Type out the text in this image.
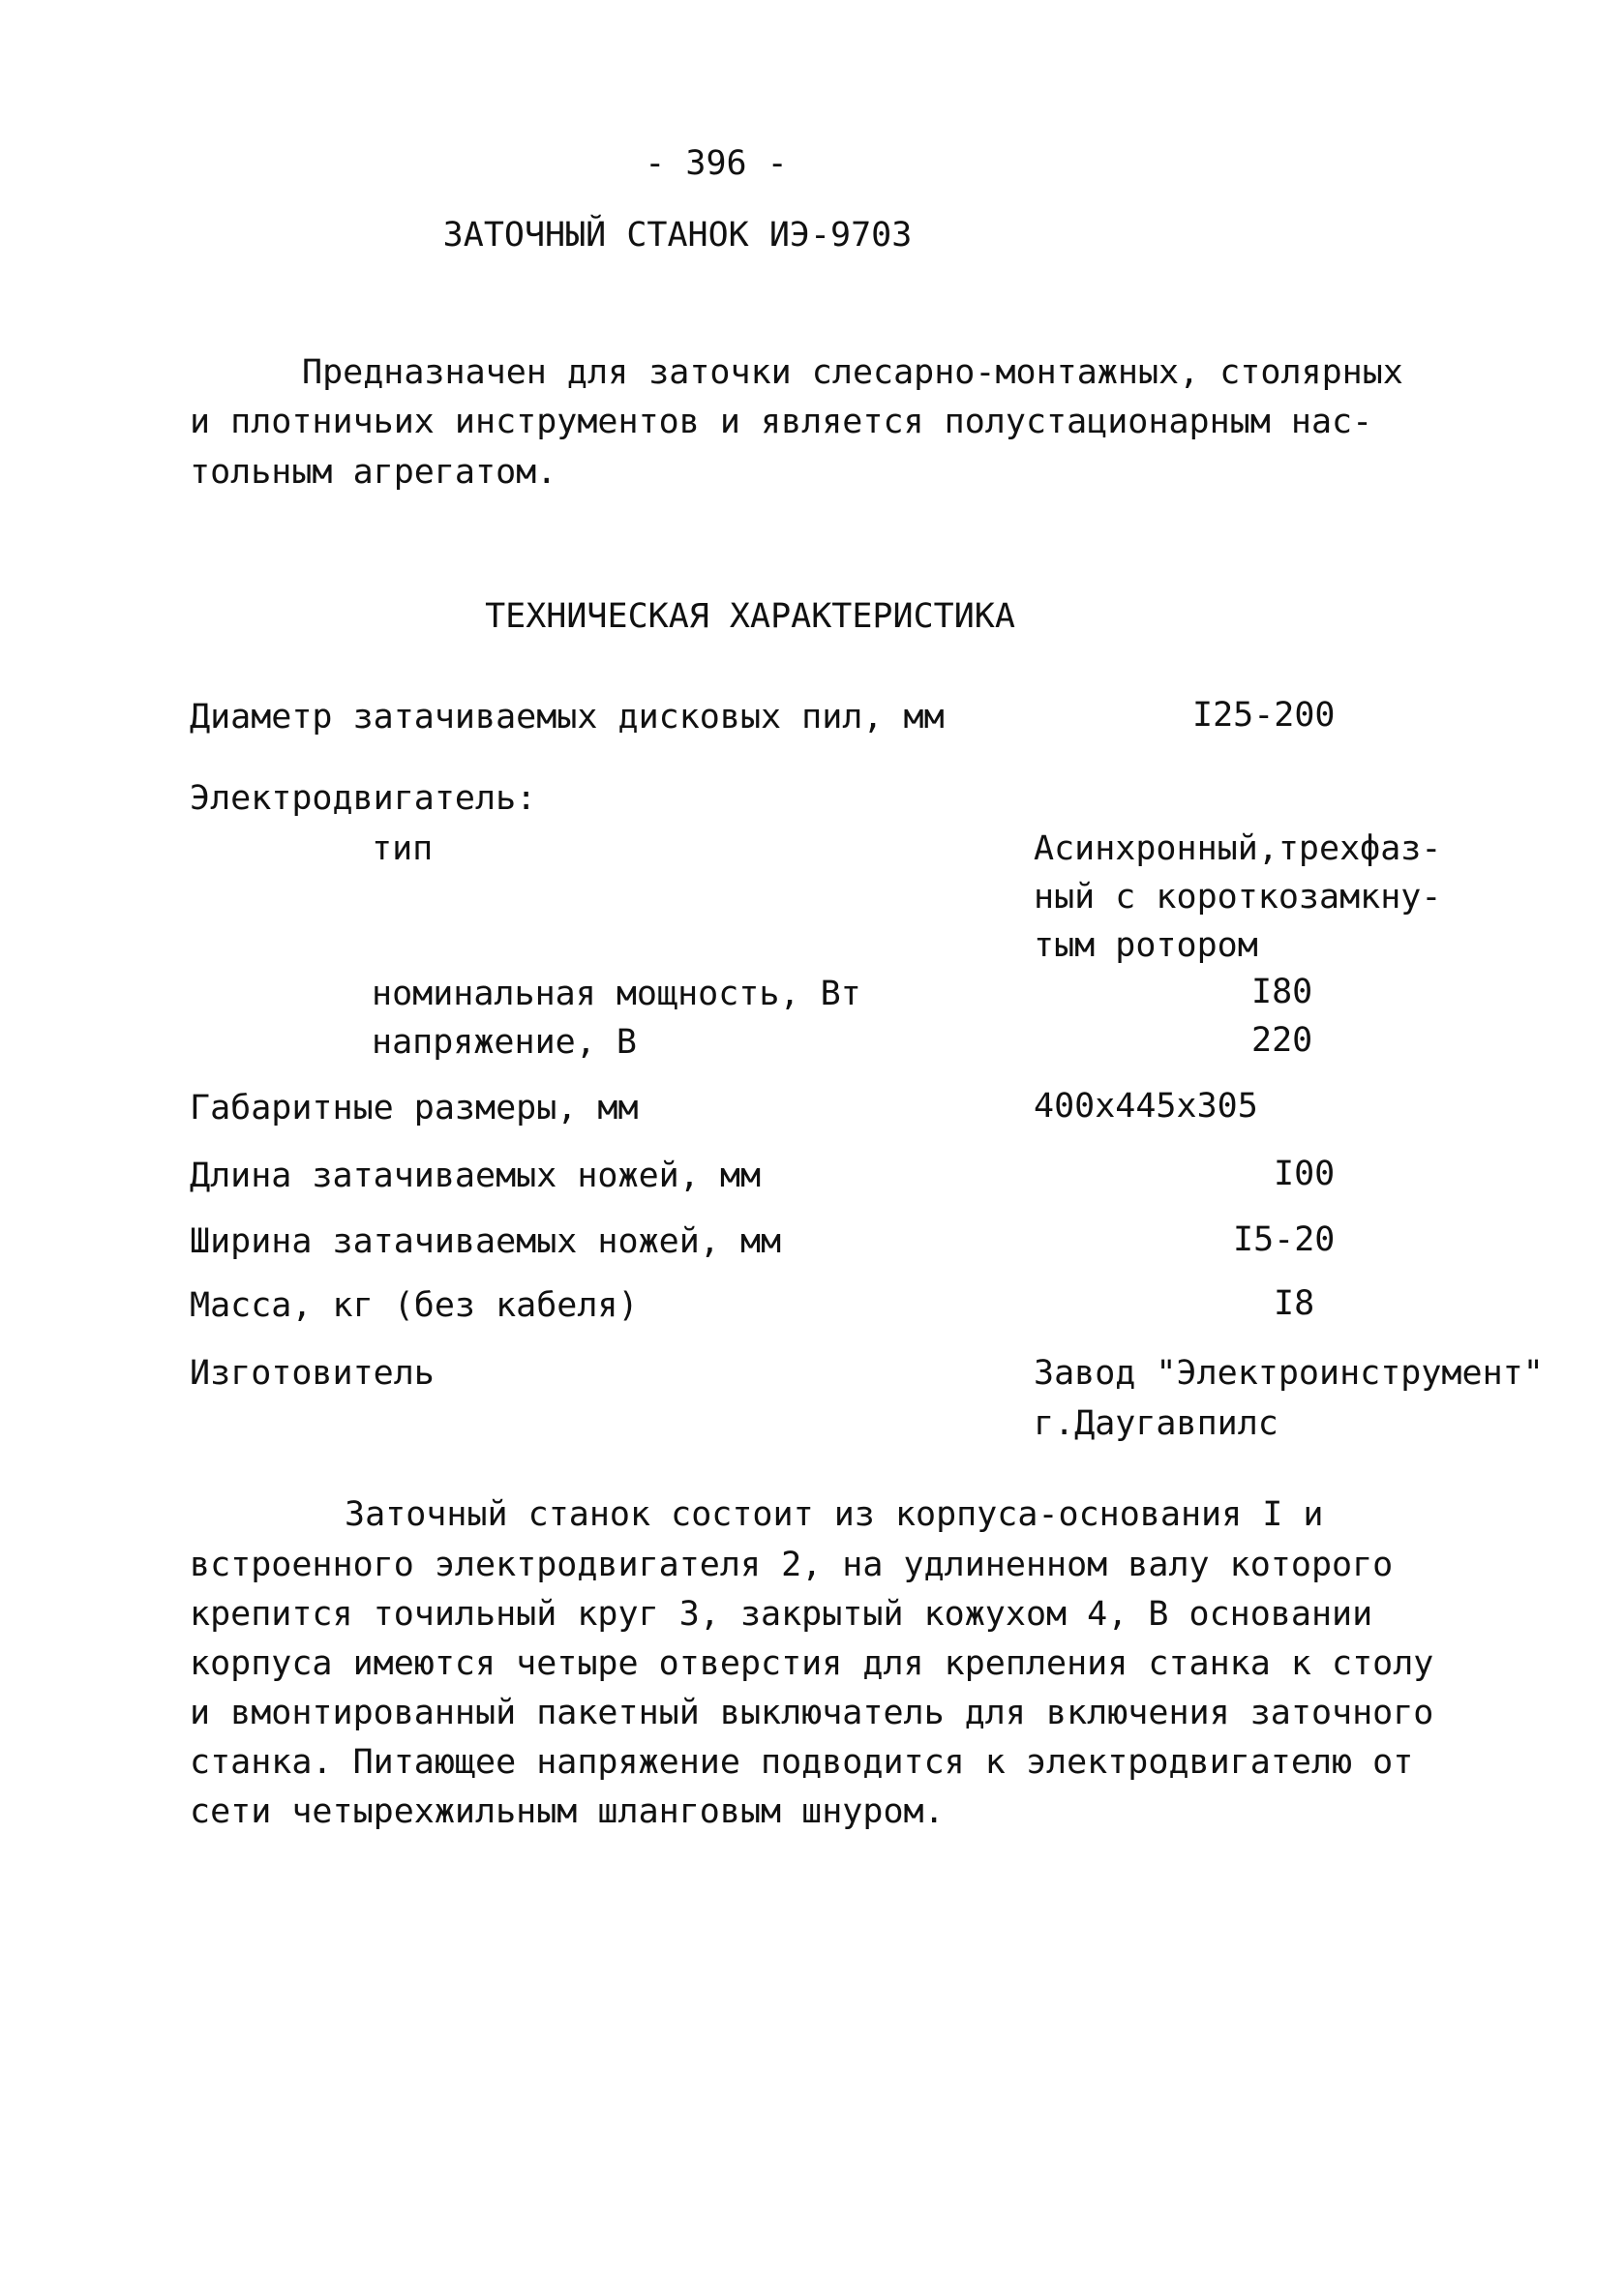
- 396 -
ЗАТОЧНЫЙ СТАНОК ИЭ-9703
Предназначен для заточки слесарно-монтажных, столярных
и плотничьих инструментов и является полустационарным нас-
тольным агрегатом.
ТЕХНИЧЕСКАЯ ХАРАКТЕРИСТИКА
Диаметр затачиваемых дисковых пил, мм	I25-200
Электродвигатель:
тип	Асинхронный,трехфаз-
ный с короткозамкну-
тым ротором
номинальная мощность, Вт	I80
напряжение, В	220
Габаритные размеры, мм	400x445x305
Длина затачиваемых ножей, мм	I00
Ширина затачиваемых ножей, мм	I5-20
Масса, кг (без кабеля)	I8
Изготовитель	Завод "Электроинструмент"
г.Даугавпилс
Заточный станок состоит из корпуса-основания I и
встроенного электродвигателя 2, на удлиненном валу которого
крепится точильный круг 3, закрытый кожухом 4, В основании
корпуса имеются четыре отверстия для крепления станка к столу
и вмонтированный пакетный выключатель для включения заточного
станка. Питающее напряжение подводится к электродвигателю от
сети четырехжильным шланговым шнуром.
